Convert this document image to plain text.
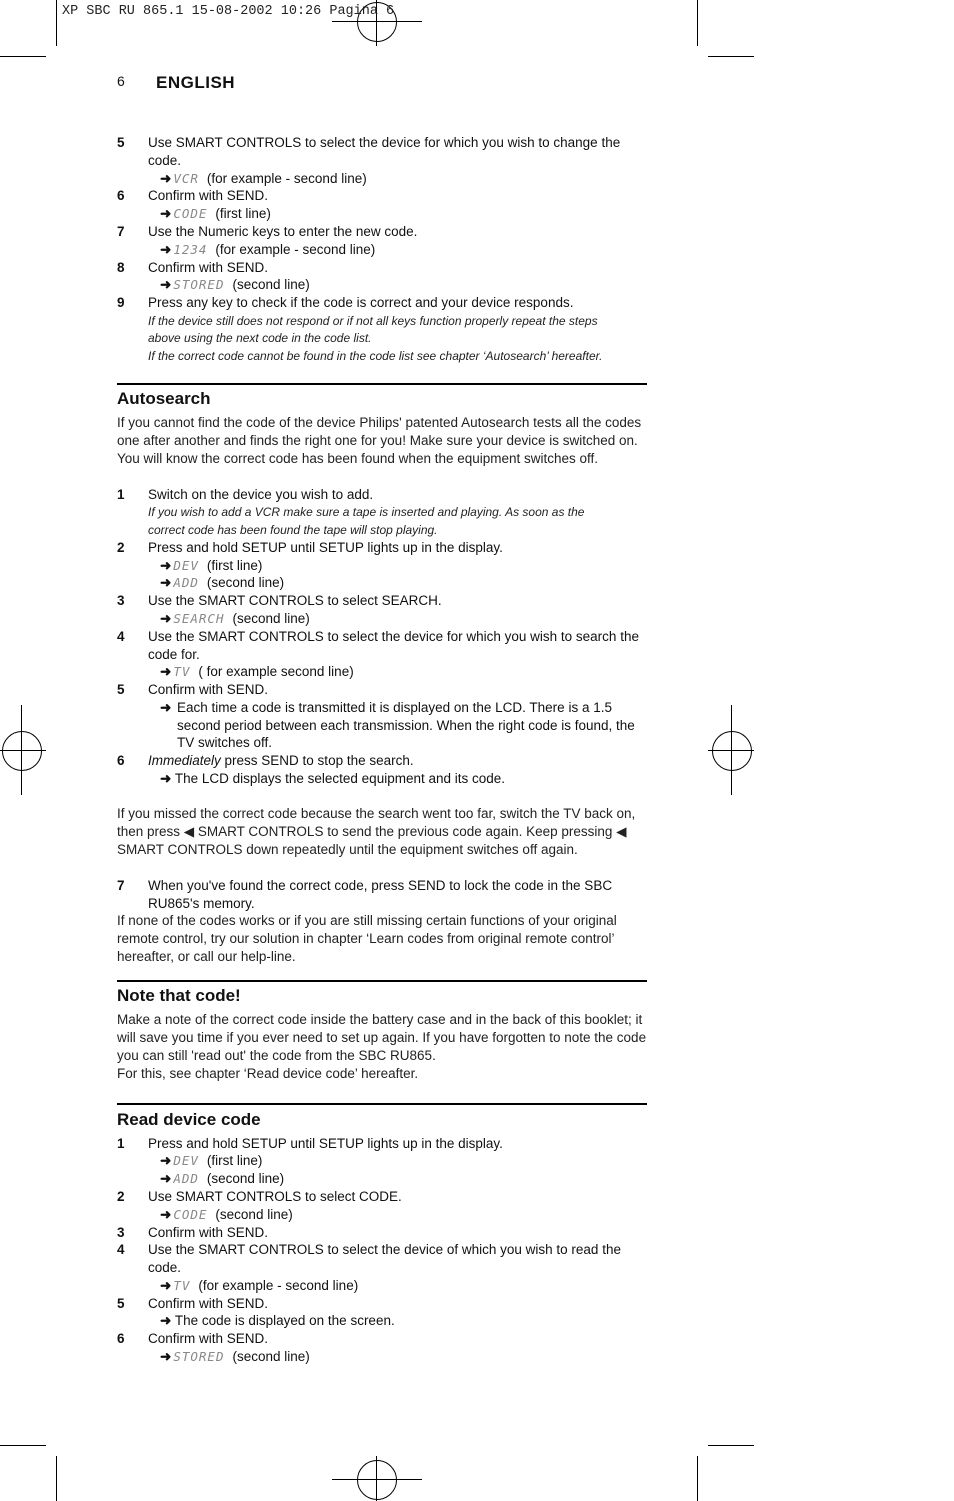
XP SBC RU 865.1 15-08-2002 10:26 Pagina 6
6 ENGLISH
5	Use SMART CONTROLS to select the device for which you wish to change the code.
➜ VCR (for example - second line)
6	Confirm with SEND.
➜ CODE (first line)
7	Use the Numeric keys to enter the new code.
➜ 1234 (for example - second line)
8	Confirm with SEND.
➜ STORED (second line)
9	Press any key to check if the code is correct and your device responds.
If the device still does not respond or if not all keys function properly repeat the steps
above using the next code in the code list.
If the correct code cannot be found in the code list see chapter ‘Autosearch’ hereafter.
Autosearch
If you cannot find the code of the device Philips' patented Autosearch tests all the codes one after another and finds the right one for you! Make sure your device is switched on. You will know the correct code has been found when the equipment switches off.
1	Switch on the device you wish to add.
If you wish to add a VCR make sure a tape is inserted and playing. As soon as the correct code has been found the tape will stop playing.
2	Press and hold SETUP until SETUP lights up in the display.
➜ DEV (first line)
➜ ADD (second line)
3	Use the SMART CONTROLS to select SEARCH.
➜ SEARCH (second line)
4	Use the SMART CONTROLS to select the device for which you wish to search the code for.
➜ TV ( for example second line)
5	Confirm with SEND.
➜ Each time a code is transmitted it is displayed on the LCD. There is a 1.5 second period between each transmission. When the right code is found, the TV switches off.
6	Immediately press SEND to stop the search.
➜ The LCD displays the selected equipment and its code.
If you missed the correct code because the search went too far, switch the TV back on, then press ◀ SMART CONTROLS to send the previous code again. Keep pressing ◀ SMART CONTROLS down repeatedly until the equipment switches off again.
7	When you've found the correct code, press SEND to lock the code in the SBC RU865's memory.
If none of the codes works or if you are still missing certain functions of your original remote control, try our solution in chapter ‘Learn codes from original remote control’ hereafter, or call our help-line.
Note that code!
Make a note of the correct code inside the battery case and in the back of this booklet; it will save you time if you ever need to set up again. If you have forgotten to note the code you can still 'read out' the code from the SBC RU865.
For this, see chapter ‘Read device code’ hereafter.
Read device code
1	Press and hold SETUP until SETUP lights up in the display.
➜ DEV (first line)
➜ ADD (second line)
2	Use SMART CONTROLS to select CODE.
➜ CODE (second line)
3	Confirm with SEND.
4	Use the SMART CONTROLS to select the device of which you wish to read the code.
➜ TV (for example - second line)
5	Confirm with SEND.
➜ The code is displayed on the screen.
6	Confirm with SEND.
➜ STORED (second line)
